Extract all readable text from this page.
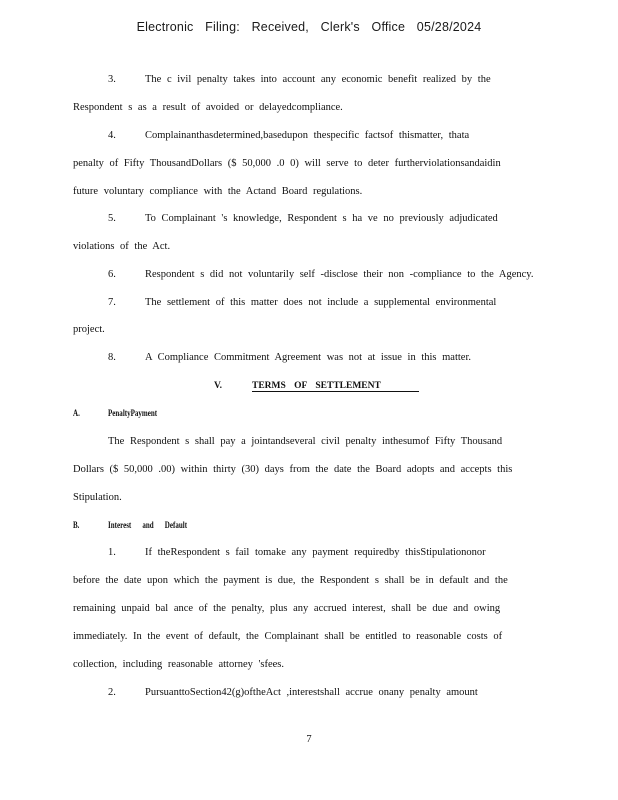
Electronic Filing: Received, Clerk's Office 05/28/2024
3.	The c ivil penalty takes into account any economic benefit realized by the
Respondent s as a result of avoided or delayedcompliance.
4.	Complainanthasdetermined,basedupon thespecific factsof thismatter, thata
penalty of Fifty ThousandDollars ($ 50,000 .0 0) will serve to deter furtherviolationsandaidin
future voluntary compliance with the Actand Board regulations.
5.	To Complainant 's knowledge, Respondent s ha ve no previously adjudicated
violations of the Act.
6.	Respondent s did not voluntarily self -disclose their non -compliance to the Agency.
7.	The settlement of this matter does not include a supplemental environmental
project.
8.	A Compliance Commitment Agreement was not at issue in this matter.
V.	TERMS OF SETTLEMENT
A.	PenaltyPayment
The Respondent s shall pay a jointandseveral civil penalty inthesumof Fifty Thousand
Dollars ($ 50,000 .00) within thirty (30) days from the date the Board adopts and accepts this
Stipulation.
B.	Interest and Default
1.	If theRespondent s fail tomake any payment requiredby thisStipulationonor
before the date upon which the payment is due, the Respondent s shall be in default and the
remaining unpaid bal ance of the penalty, plus any accrued interest, shall be due and owing
immediately. In the event of default, the Complainant shall be entitled to reasonable costs of
collection, including reasonable attorney 'sfees.
2.	PursuanttoSection42(g)oftheAct ,interestshall accrue onany penalty amount
7
